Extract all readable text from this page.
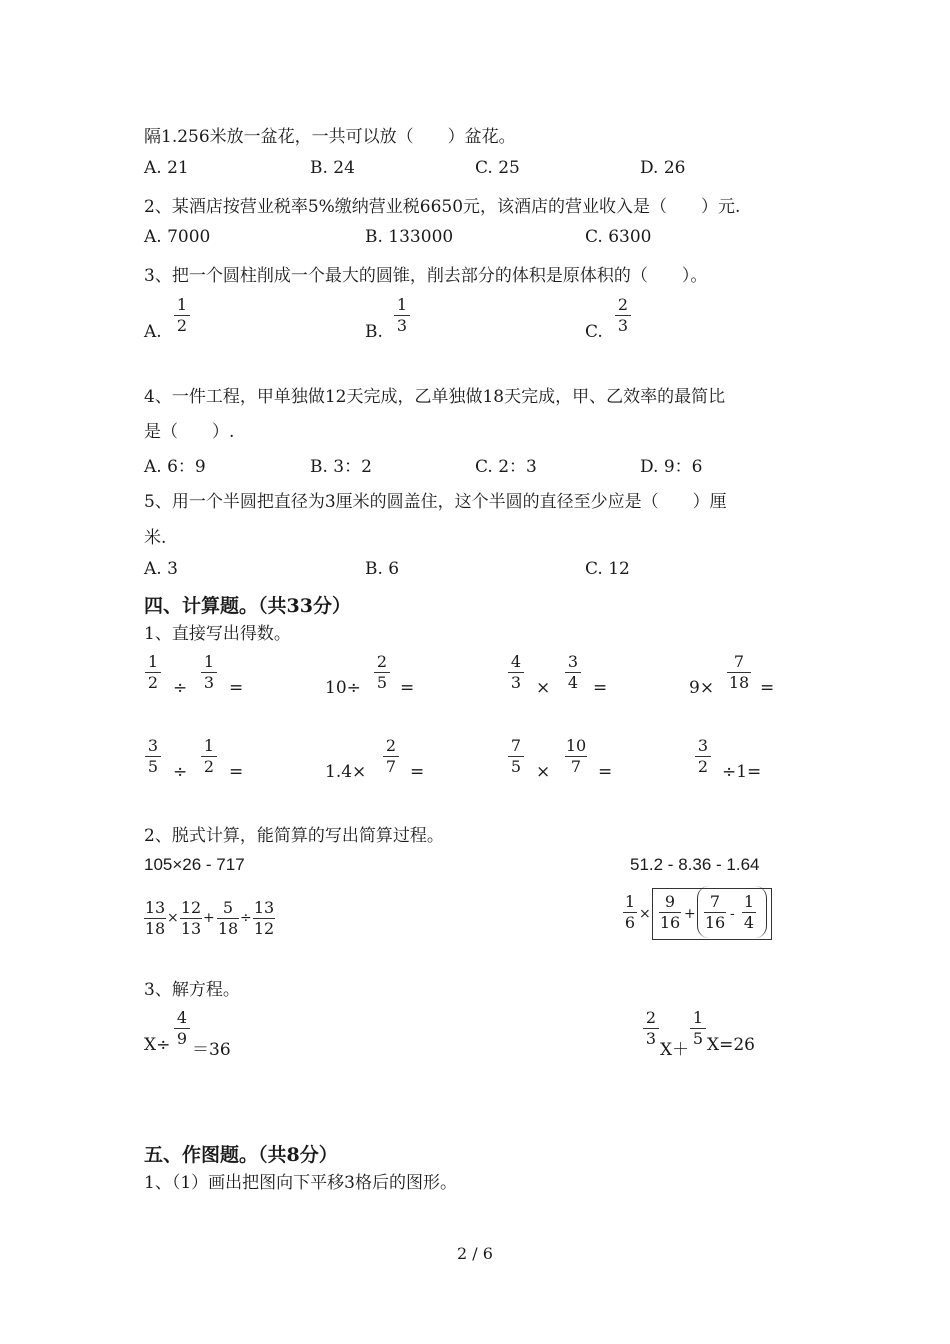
隔1.256米放一盆花，一共可以放（　　）盆花。
A. 21	B. 24	C. 25	D. 26
2、某酒店按营业税率5%缴纳营业税6650元，该酒店的营业收入是（　　）元.
A. 7000	B. 133000	C. 6300
3、把一个圆柱削成一个最大的圆锥，削去部分的体积是原体积的（　　）。
A.
1
2	B.
1
3	C.
2
3
4、一件工程，甲单独做12天完成，乙单独做18天完成，甲、乙效率的最简比
是（　　）.
A. 6：9	B. 3：2	C. 2：3	D. 9：6
5、用一个半圆把直径为3厘米的圆盖住，这个半圆的直径至少应是（　　）厘
米.
A. 3	B. 6	C. 12
四、计算题。（共33分）
1、直接写出得数。
1
2 ÷
1
3 =	10÷
2
5 =
4
3 ×
3
4 =	9×
7
18 =
3
5 ÷
1
2 =	1.4×
2
7 =
7
5 ×
10
7 =
3
2 ÷1=
2、脱式计算，能简算的写出简算过程。
105×26 - 717	51.2 - 8.36 - 1.64
13
18
×
12
13
+
5
18
÷
13
12
1
6 ×
9
16 +
7
16 -
1
4
3、解方程。
X÷
4
9
＝36
2
3
X＋
1
5 X=26
五、作图题。（共8分）
1、（1）画出把图向下平移3格后的图形。
2 / 6
